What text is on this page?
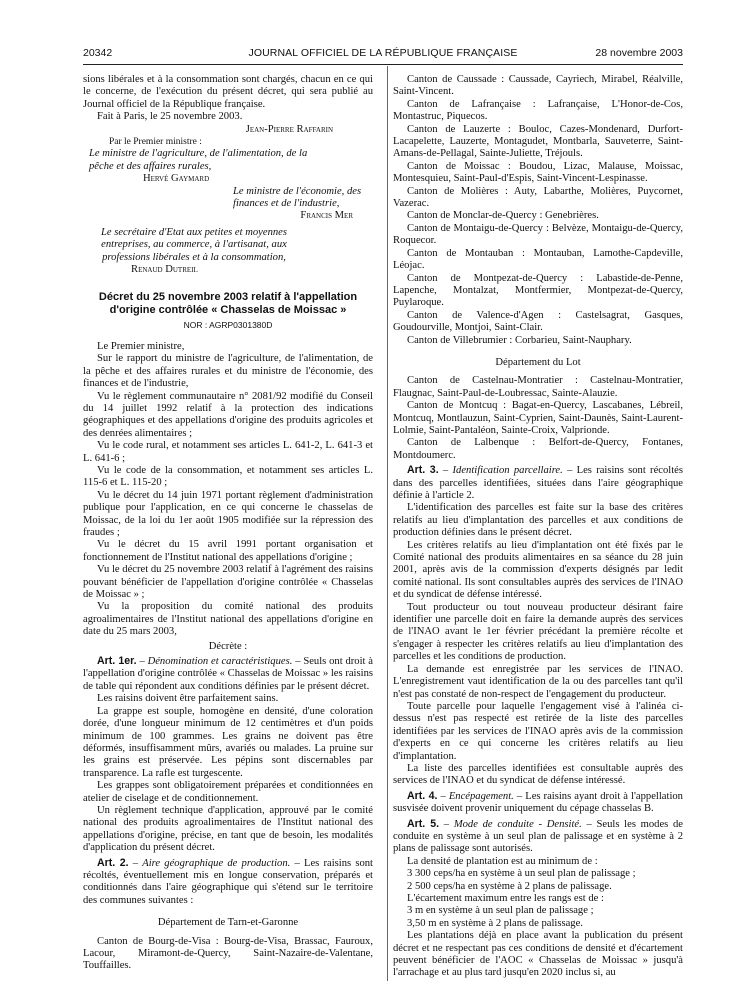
20342	JOURNAL OFFICIEL DE LA RÉPUBLIQUE FRANÇAISE	28 novembre 2003

sions libérales et à la consommation sont chargés, chacun en ce qui le concerne, de l'exécution du présent décret, qui sera publié au Journal officiel de la République française.

Fait à Paris, le 25 novembre 2003.

Jean-Pierre Raffarin

Par le Premier ministre :

Le ministre de l'agriculture, de l'alimentation, de la pêche et des affaires rurales,

Hervé Gaymard

Le ministre de l'économie, des finances et de l'industrie,

Francis Mer

Le secrétaire d'Etat aux petites et moyennes entreprises, au commerce, à l'artisanat, aux professions libérales et à la consommation,

Renaud Dutreil

Décret du 25 novembre 2003 relatif à l'appellation d'origine contrôlée « Chasselas de Moissac »

NOR : AGRP0301380D

Le Premier ministre,

Sur le rapport du ministre de l'agriculture, de l'alimentation, de la pêche et des affaires rurales et du ministre de l'économie, des finances et de l'industrie,

Vu le règlement communautaire n° 2081/92 modifié du Conseil du 14 juillet 1992 relatif à la protection des indications géographiques et des appellations d'origine des produits agricoles et des denrées alimentaires ;

Vu le code rural, et notamment ses articles L. 641-2, L. 641-3 et L. 641-6 ;

Vu le code de la consommation, et notamment ses articles L. 115-6 et L. 115-20 ;

Vu le décret du 14 juin 1971 portant règlement d'administration publique pour l'application, en ce qui concerne le chasselas de Moissac, de la loi du 1er août 1905 modifiée sur la répression des fraudes ;

Vu le décret du 15 avril 1991 portant organisation et fonctionnement de l'Institut national des appellations d'origine ;

Vu le décret du 25 novembre 2003 relatif à l'agrément des raisins pouvant bénéficier de l'appellation d'origine contrôlée « Chasselas de Moissac » ;

Vu la proposition du comité national des produits agroalimentaires de l'Institut national des appellations d'origine en date du 25 mars 2003,

Décrète :

Art. 1er. – Dénomination et caractéristiques. – Seuls ont droit à l'appellation d'origine contrôlée « Chasselas de Moissac » les raisins de table qui répondent aux conditions définies par le présent décret.

Les raisins doivent être parfaitement sains.

La grappe est souple, homogène en densité, d'une coloration dorée, d'une longueur minimum de 12 centimètres et d'un poids minimum de 100 grammes. Les grains ne doivent pas être déformés, insuffisamment mûrs, avariés ou malades. La pruine sur les grains est préservée. Les pépins sont discernables par transparence. La rafle est turgescente.

Les grappes sont obligatoirement préparées et conditionnées en atelier de ciselage et de conditionnement.

Un règlement technique d'application, approuvé par le comité national des produits agroalimentaires de l'Institut national des appellations d'origine, précise, en tant que de besoin, les modalités d'application du présent décret.

Art. 2. – Aire géographique de production. – Les raisins sont récoltés, éventuellement mis en longue conservation, préparés et conditionnés dans l'aire géographique qui s'étend sur le territoire des communes suivantes :

Département de Tarn-et-Garonne

Canton de Bourg-de-Visa : Bourg-de-Visa, Brassac, Fauroux, Lacour, Miramont-de-Quercy, Saint-Nazaire-de-Valentane, Touffailles.

Canton de Caussade : Caussade, Cayriech, Mirabel, Réalville, Saint-Vincent.

Canton de Lafrançaise : Lafrançaise, L'Honor-de-Cos, Montastruc, Piquecos.

Canton de Lauzerte : Bouloc, Cazes-Mondenard, Durfort-Lacapelette, Lauzerte, Montagudet, Montbarla, Sauveterre, Saint-Amans-de-Pellagal, Sainte-Juliette, Tréjouls.

Canton de Moissac : Boudou, Lizac, Malause, Moissac, Montesquieu, Saint-Paul-d'Espis, Saint-Vincent-Lespinasse.

Canton de Molières : Auty, Labarthe, Molières, Puycornet, Vazerac.

Canton de Monclar-de-Quercy : Genebrières.

Canton de Montaigu-de-Quercy : Belvèze, Montaigu-de-Quercy, Roquecor.

Canton de Montauban : Montauban, Lamothe-Capdeville, Léojac.

Canton de Montpezat-de-Quercy : Labastide-de-Penne, Lapenche, Montalzat, Montfermier, Montpezat-de-Quercy, Puylaroque.

Canton de Valence-d'Agen : Castelsagrat, Gasques, Goudourville, Montjoi, Saint-Clair.

Canton de Villebrumier : Corbarieu, Saint-Nauphary.

Département du Lot

Canton de Castelnau-Montratier : Castelnau-Montratier, Flaugnac, Saint-Paul-de-Loubressac, Sainte-Alauzie.

Canton de Montcuq : Bagat-en-Quercy, Lascabanes, Lébreil, Montcuq, Montlauzun, Saint-Cyprien, Saint-Daunès, Saint-Laurent-Lolmie, Saint-Pantaléon, Sainte-Croix, Valprionde.

Canton de Lalbenque : Belfort-de-Quercy, Fontanes, Montdoumerc.

Art. 3. – Identification parcellaire. – Les raisins sont récoltés dans des parcelles identifiées, situées dans l'aire géographique définie à l'article 2.

L'identification des parcelles est faite sur la base des critères relatifs au lieu d'implantation des parcelles et aux conditions de production définies dans le présent décret.

Les critères relatifs au lieu d'implantation ont été fixés par le Comité national des produits alimentaires en sa séance du 28 juin 2001, après avis de la commission d'experts désignés par ledit comité national. Ils sont consultables auprès des services de l'INAO et du syndicat de défense intéressé.

Tout producteur ou tout nouveau producteur désirant faire identifier une parcelle doit en faire la demande auprès des services de l'INAO avant le 1er février précédant la première récolte et s'engager à respecter les critères relatifs au lieu d'implantation des parcelles et les conditions de production.

La demande est enregistrée par les services de l'INAO. L'enregistrement vaut identification de la ou des parcelles tant qu'il n'est pas constaté de non-respect de l'engagement du producteur.

Toute parcelle pour laquelle l'engagement visé à l'alinéa ci-dessus n'est pas respecté est retirée de la liste des parcelles identifiées par les services de l'INAO après avis de la commission d'experts en ce qui concerne les critères relatifs au lieu d'implantation.

La liste des parcelles identifiées est consultable auprès des services de l'INAO et du syndicat de défense intéressé.

Art. 4. – Encépagement. – Les raisins ayant droit à l'appellation susvisée doivent provenir uniquement du cépage chasselas B.

Art. 5. – Mode de conduite - Densité. – Seuls les modes de conduite en système à un seul plan de palissage et en système à 2 plans de palissage sont autorisés.

La densité de plantation est au minimum de :

3 300 ceps/ha en système à un seul plan de palissage ;

2 500 ceps/ha en système à 2 plans de palissage.

L'écartement maximum entre les rangs est de :

3 m en système à un seul plan de palissage ;

3,50 m en système à 2 plans de palissage.

Les plantations déjà en place avant la publication du présent décret et ne respectant pas ces conditions de densité et d'écartement peuvent bénéficier de l'AOC « Chasselas de Moissac » jusqu'à l'arrachage et au plus tard jusqu'en 2020 inclus si, au
